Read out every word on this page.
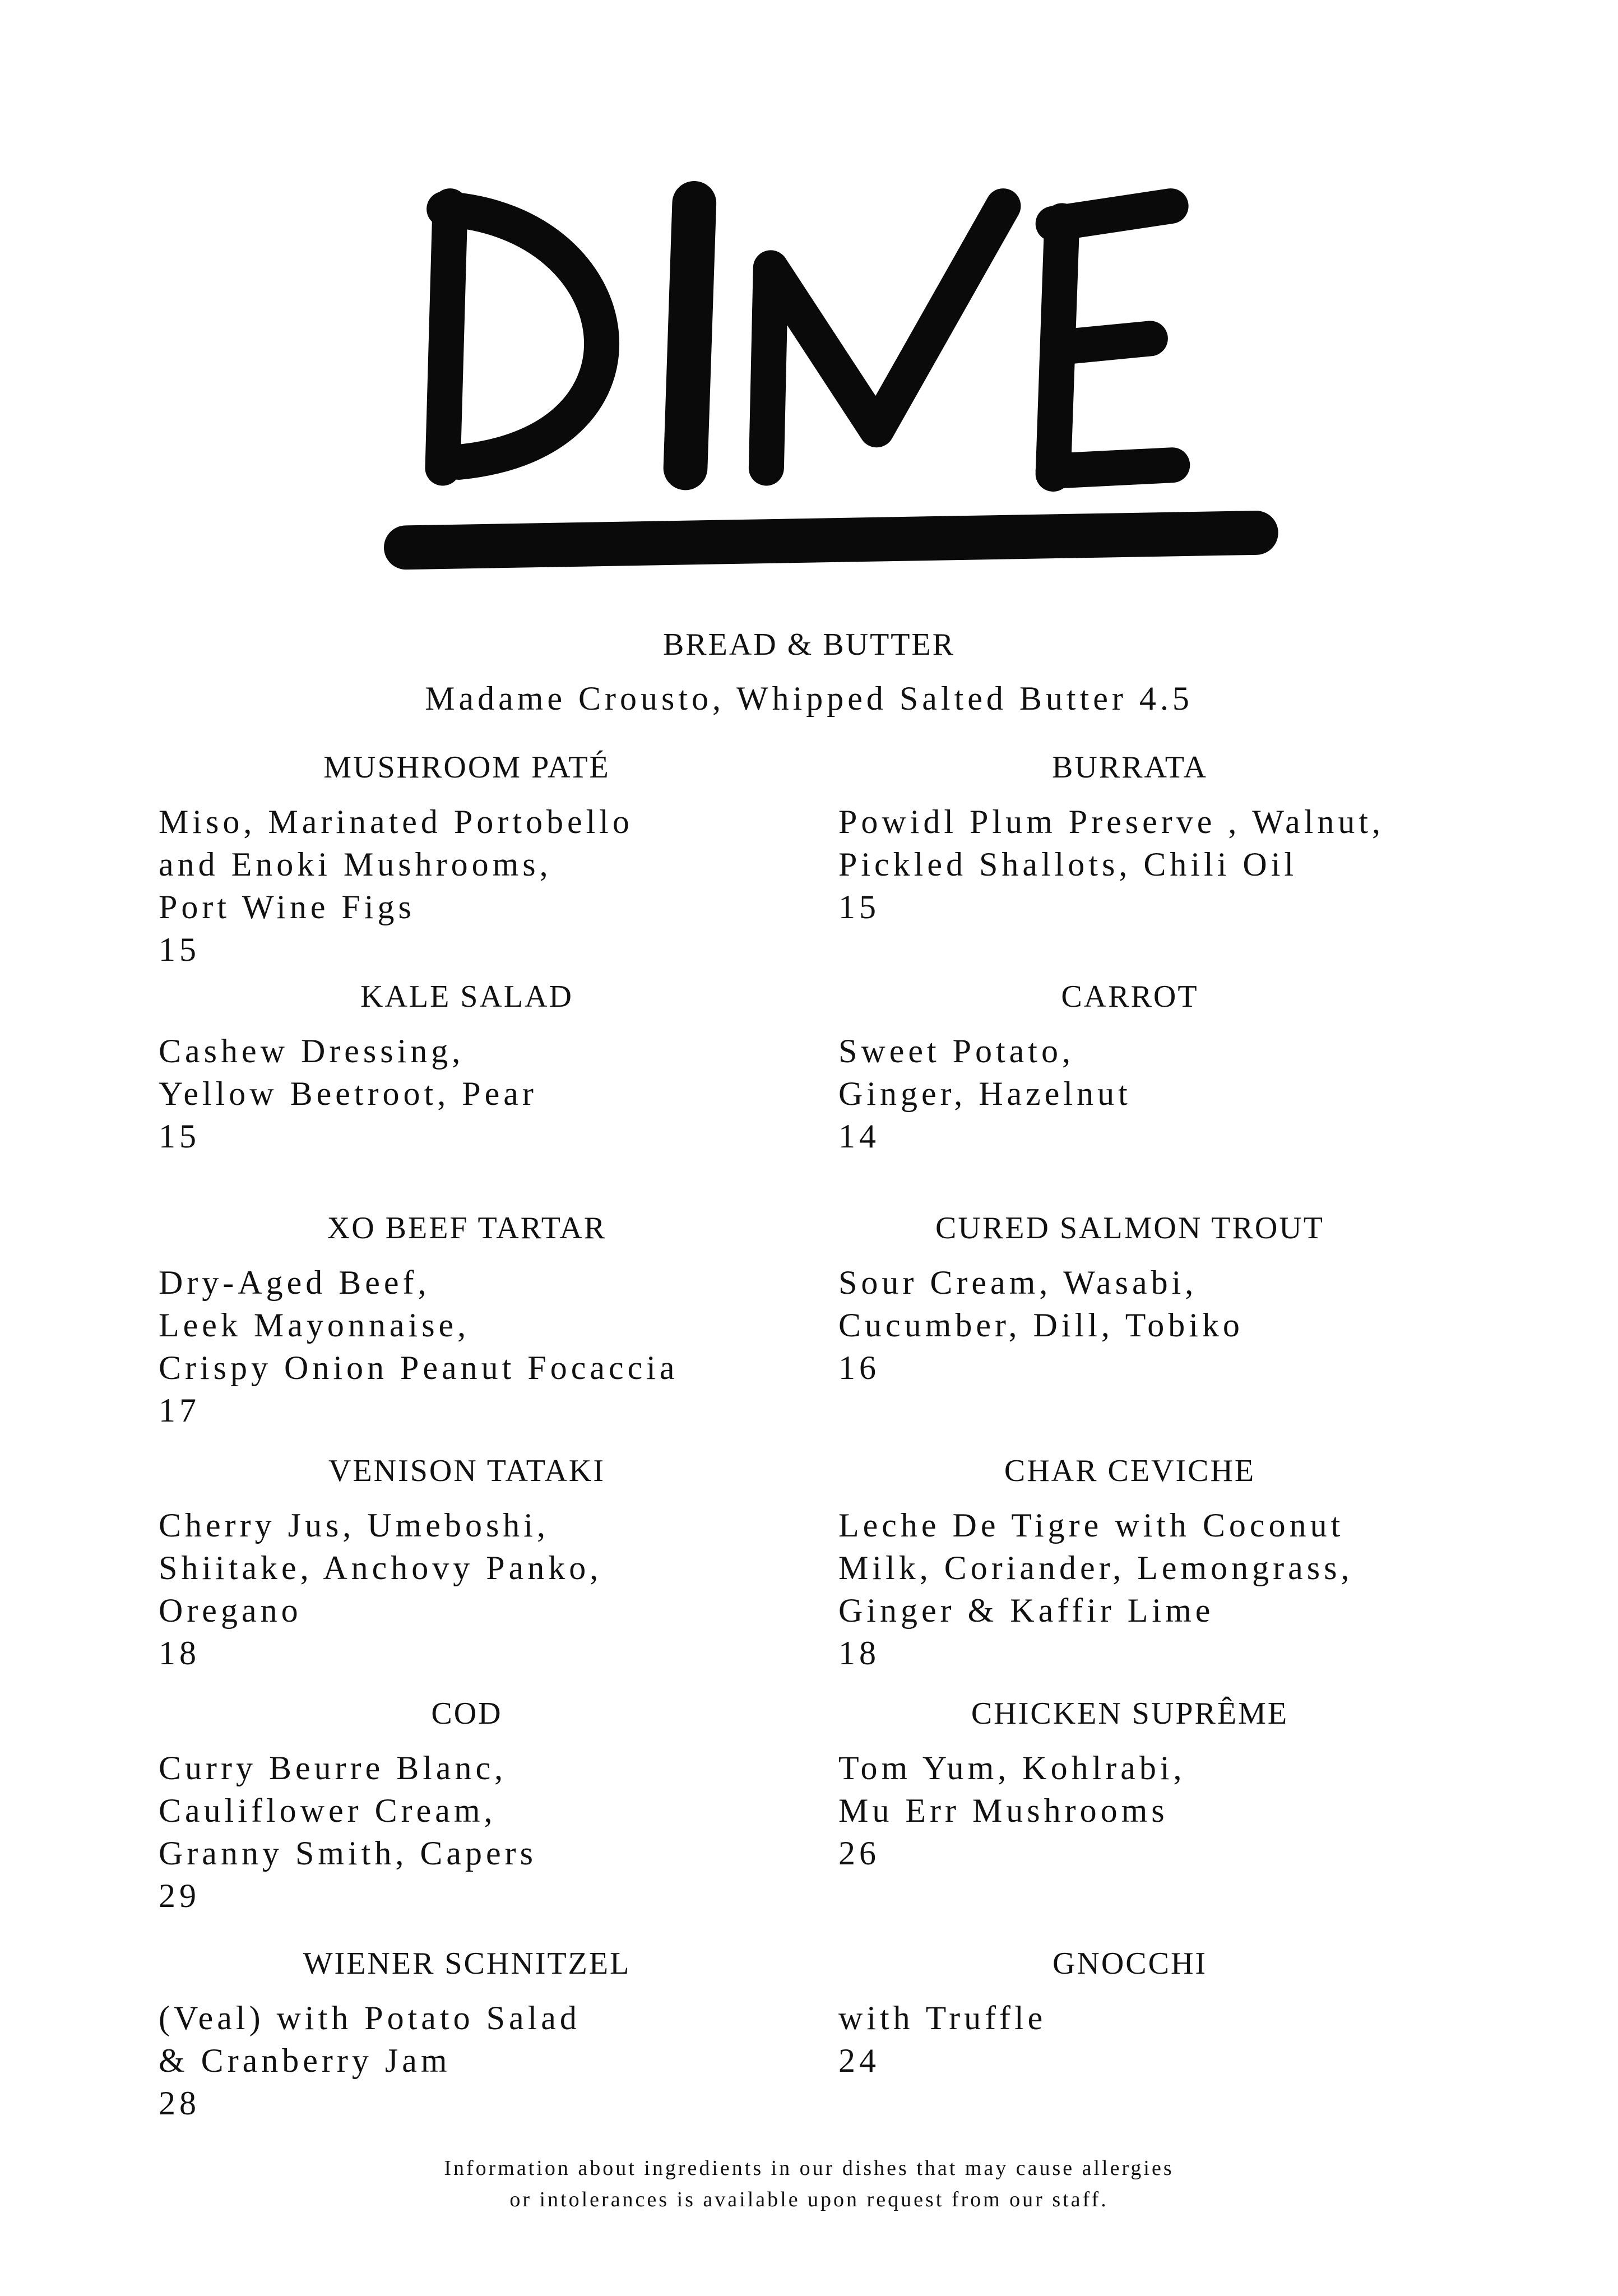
BREAD & BUTTER
Madame Crousto, Whipped Salted Butter 4.5
MUSHROOM PATÉ
Miso, Marinated Portobello
and Enoki Mushrooms,
Port Wine Figs
15
KALE SALAD
Cashew Dressing,
Yellow Beetroot, Pear
15
XO BEEF TARTAR
Dry-Aged Beef,
Leek Mayonnaise,
Crispy Onion Peanut Focaccia
17
VENISON TATAKI
Cherry Jus, Umeboshi,
Shiitake, Anchovy Panko,
Oregano
18
COD
Curry Beurre Blanc,
Cauliflower Cream,
Granny Smith, Capers
29
WIENER SCHNITZEL
(Veal) with Potato Salad
& Cranberry Jam
28
BURRATA
Powidl Plum Preserve , Walnut,
Pickled Shallots, Chili Oil
15
CARROT
Sweet Potato,
Ginger, Hazelnut
14
CURED SALMON TROUT
Sour Cream, Wasabi,
Cucumber, Dill, Tobiko
16
CHAR CEVICHE
Leche De Tigre with Coconut
Milk, Coriander, Lemongrass,
Ginger & Kaffir Lime
18
CHICKEN SUPRÊME
Tom Yum, Kohlrabi,
Mu Err Mushrooms
26
GNOCCHI
with Truffle
24
Information about ingredients in our dishes that may cause allergies
or intolerances is available upon request from our staff.
